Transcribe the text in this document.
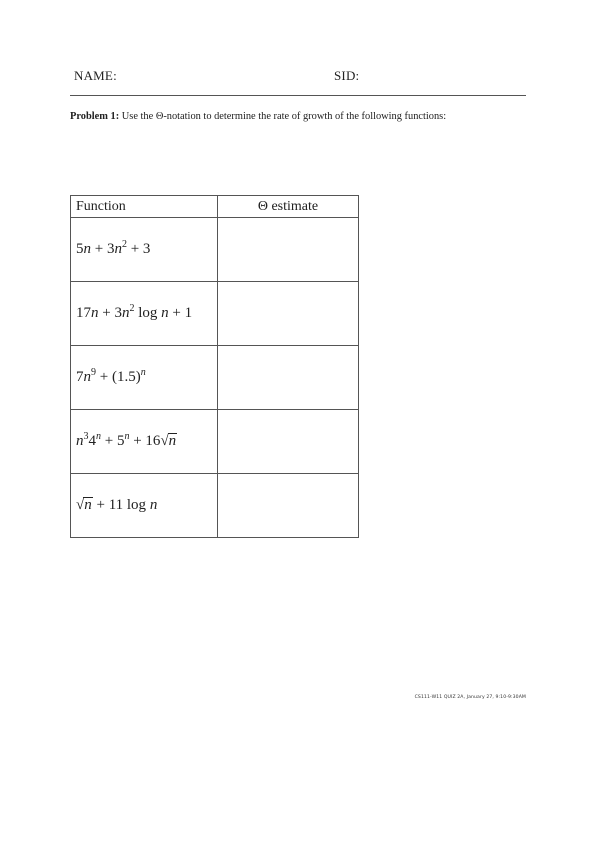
NAME:	SID:
Problem 1: Use the Θ-notation to determine the rate of growth of the following functions:
Function	Θ estimate
$5n + 3n^2 + 3$	
$17n + 3n^2$ log n + 1	
$7n^9 + (1.5)^n$	
$n^34^n + 5^n + 16√n$	
√n + 11 log n	
CS111-W11 QUIZ 2A, January 27, 9:10-9:30AM
